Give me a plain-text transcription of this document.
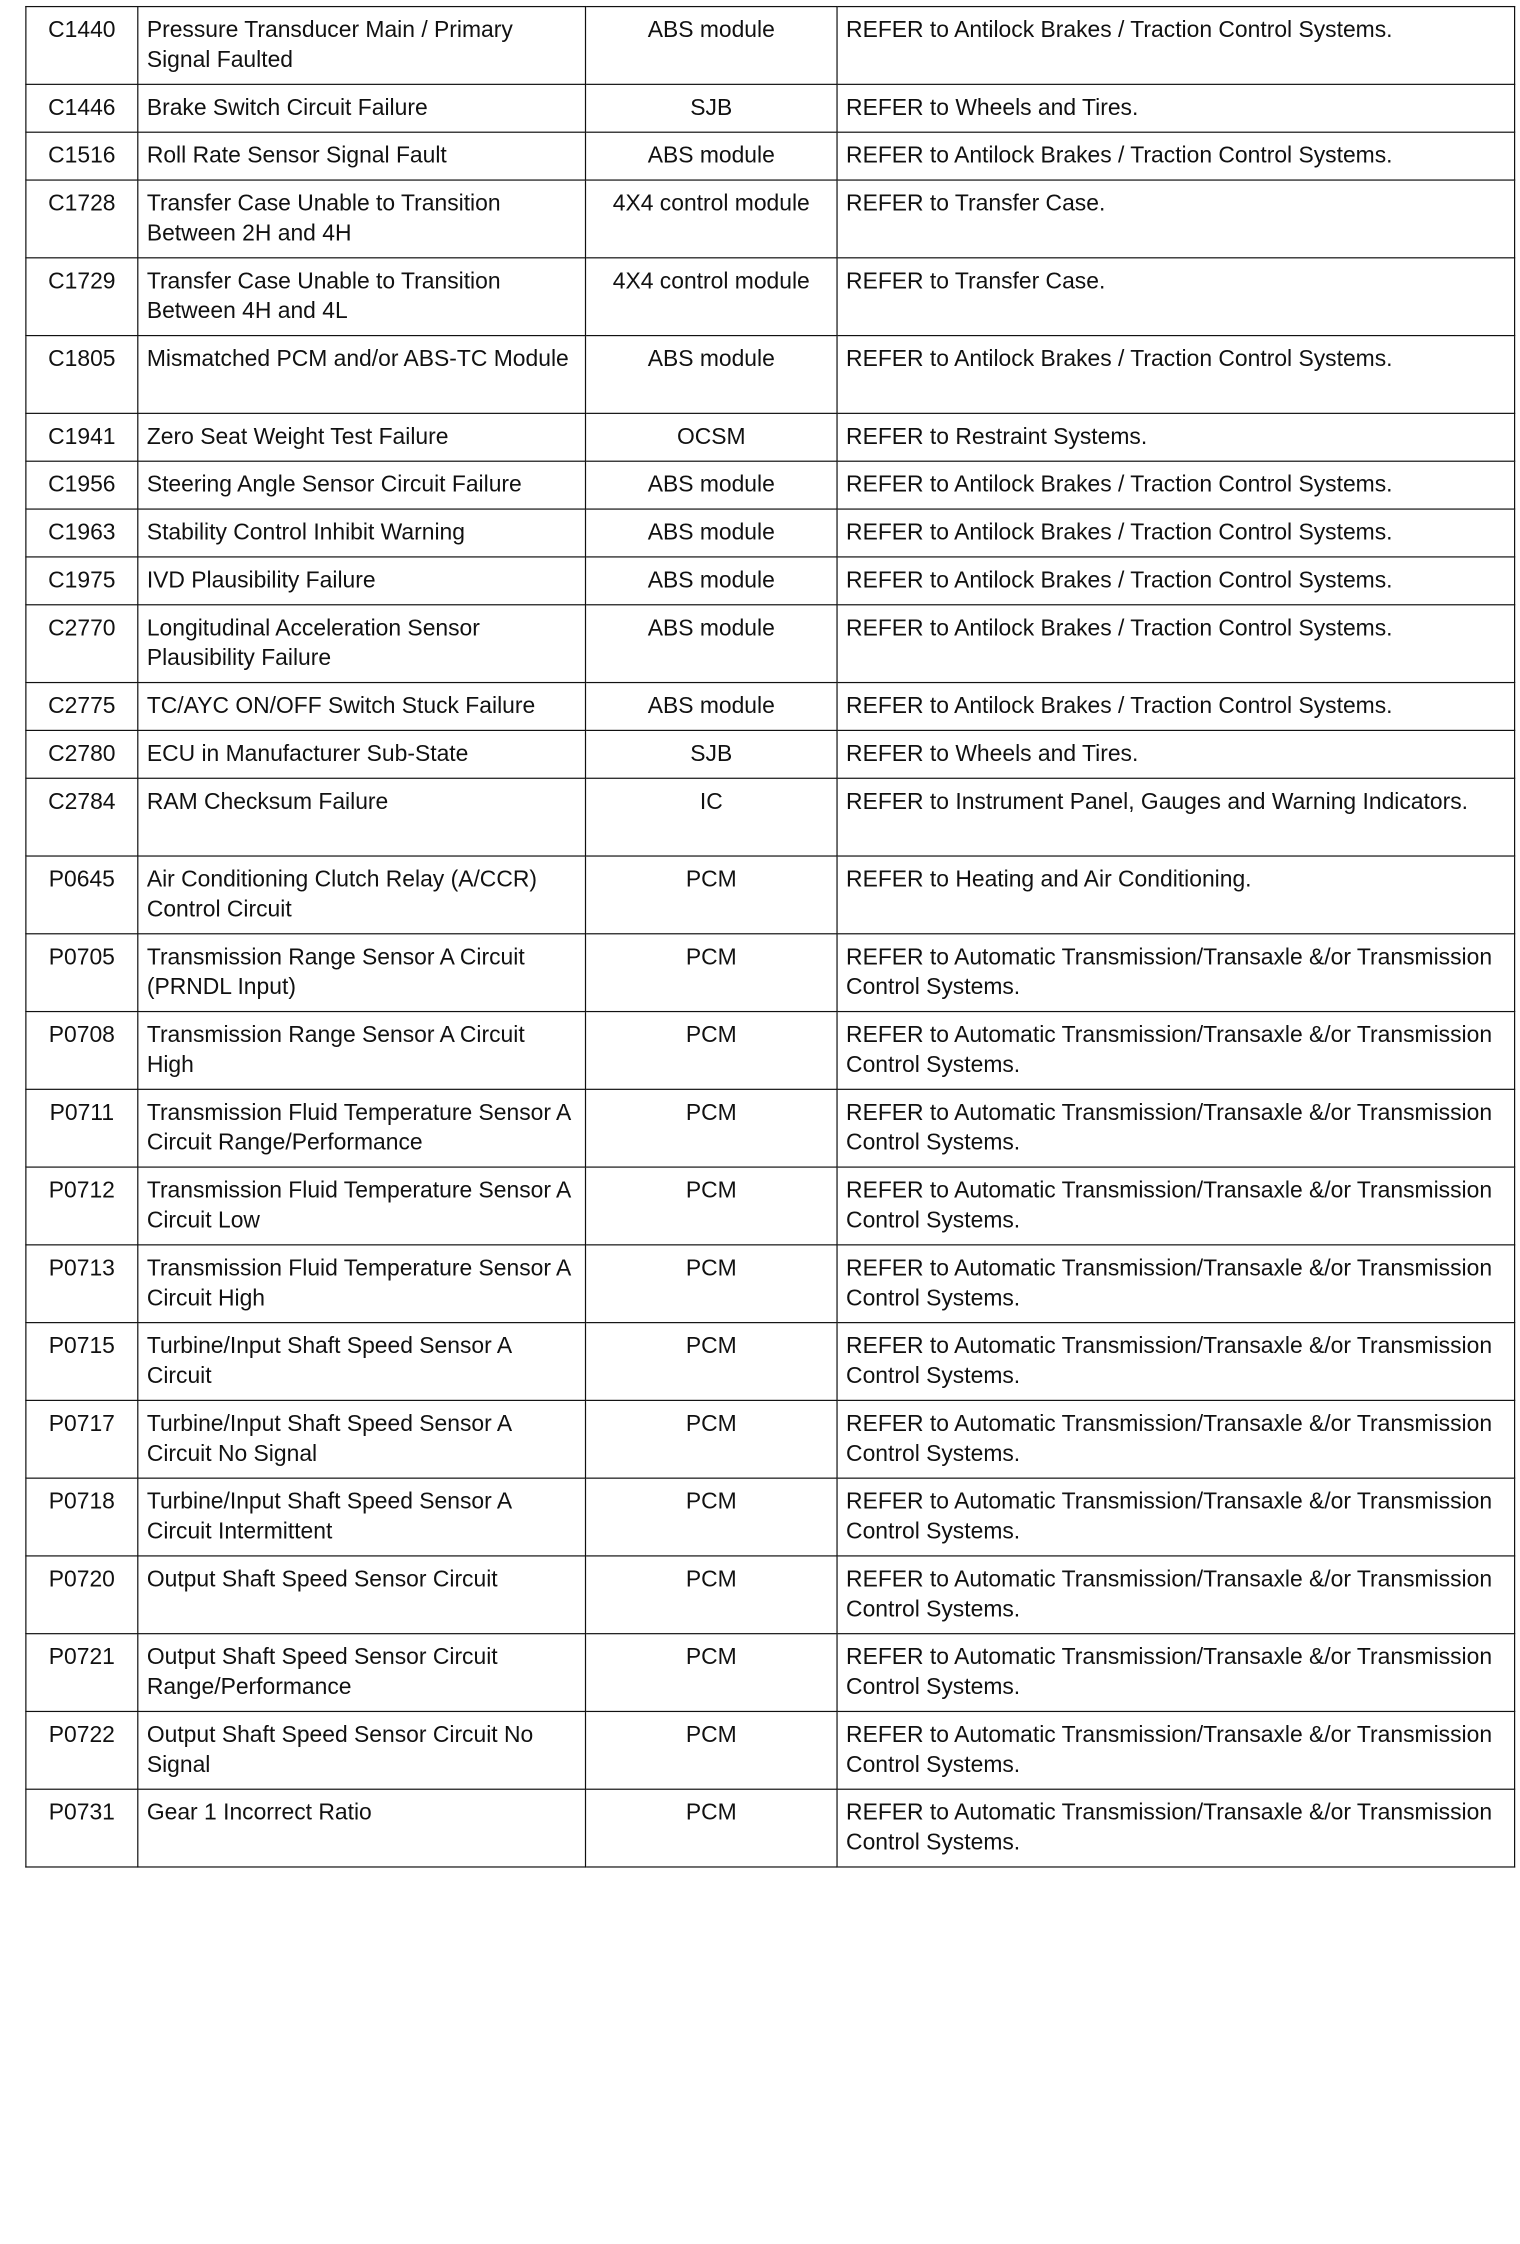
C1440	Pressure Transducer Main / Primary Signal Faulted	ABS module	REFER to Antilock Brakes / Traction Control Systems.
C1446	Brake Switch Circuit Failure	SJB	REFER to Wheels and Tires.
C1516	Roll Rate Sensor Signal Fault	ABS module	REFER to Antilock Brakes / Traction Control Systems.
C1728	Transfer Case Unable to Transition Between 2H and 4H	4X4 control module	REFER to Transfer Case.
C1729	Transfer Case Unable to Transition Between 4H and 4L	4X4 control module	REFER to Transfer Case.
C1805	Mismatched PCM and/or ABS-TC Module	ABS module	REFER to Antilock Brakes / Traction Control Systems.
C1941	Zero Seat Weight Test Failure	OCSM	REFER to Restraint Systems.
C1956	Steering Angle Sensor Circuit Failure	ABS module	REFER to Antilock Brakes / Traction Control Systems.
C1963	Stability Control Inhibit Warning	ABS module	REFER to Antilock Brakes / Traction Control Systems.
C1975	IVD Plausibility Failure	ABS module	REFER to Antilock Brakes / Traction Control Systems.
C2770	Longitudinal Acceleration Sensor Plausibility Failure	ABS module	REFER to Antilock Brakes / Traction Control Systems.
C2775	TC/AYC ON/OFF Switch Stuck Failure	ABS module	REFER to Antilock Brakes / Traction Control Systems.
C2780	ECU in Manufacturer Sub-State	SJB	REFER to Wheels and Tires.
C2784	RAM Checksum Failure	IC	REFER to Instrument Panel, Gauges and Warning Indicators.
P0645	Air Conditioning Clutch Relay (A/CCR) Control Circuit	PCM	REFER to Heating and Air Conditioning.
P0705	Transmission Range Sensor A Circuit (PRNDL Input)	PCM	REFER to Automatic Transmission/Transaxle &/or Transmission Control Systems.
P0708	Transmission Range Sensor A Circuit High	PCM	REFER to Automatic Transmission/Transaxle &/or Transmission Control Systems.
P0711	Transmission Fluid Temperature Sensor A Circuit Range/Performance	PCM	REFER to Automatic Transmission/Transaxle &/or Transmission Control Systems.
P0712	Transmission Fluid Temperature Sensor A Circuit Low	PCM	REFER to Automatic Transmission/Transaxle &/or Transmission Control Systems.
P0713	Transmission Fluid Temperature Sensor A Circuit High	PCM	REFER to Automatic Transmission/Transaxle &/or Transmission Control Systems.
P0715	Turbine/Input Shaft Speed Sensor A Circuit	PCM	REFER to Automatic Transmission/Transaxle &/or Transmission Control Systems.
P0717	Turbine/Input Shaft Speed Sensor A Circuit No Signal	PCM	REFER to Automatic Transmission/Transaxle &/or Transmission Control Systems.
P0718	Turbine/Input Shaft Speed Sensor A Circuit Intermittent	PCM	REFER to Automatic Transmission/Transaxle &/or Transmission Control Systems.
P0720	Output Shaft Speed Sensor Circuit	PCM	REFER to Automatic Transmission/Transaxle &/or Transmission Control Systems.
P0721	Output Shaft Speed Sensor Circuit Range/Performance	PCM	REFER to Automatic Transmission/Transaxle &/or Transmission Control Systems.
P0722	Output Shaft Speed Sensor Circuit No Signal	PCM	REFER to Automatic Transmission/Transaxle &/or Transmission Control Systems.
P0731	Gear 1 Incorrect Ratio	PCM	REFER to Automatic Transmission/Transaxle &/or Transmission Control Systems.
